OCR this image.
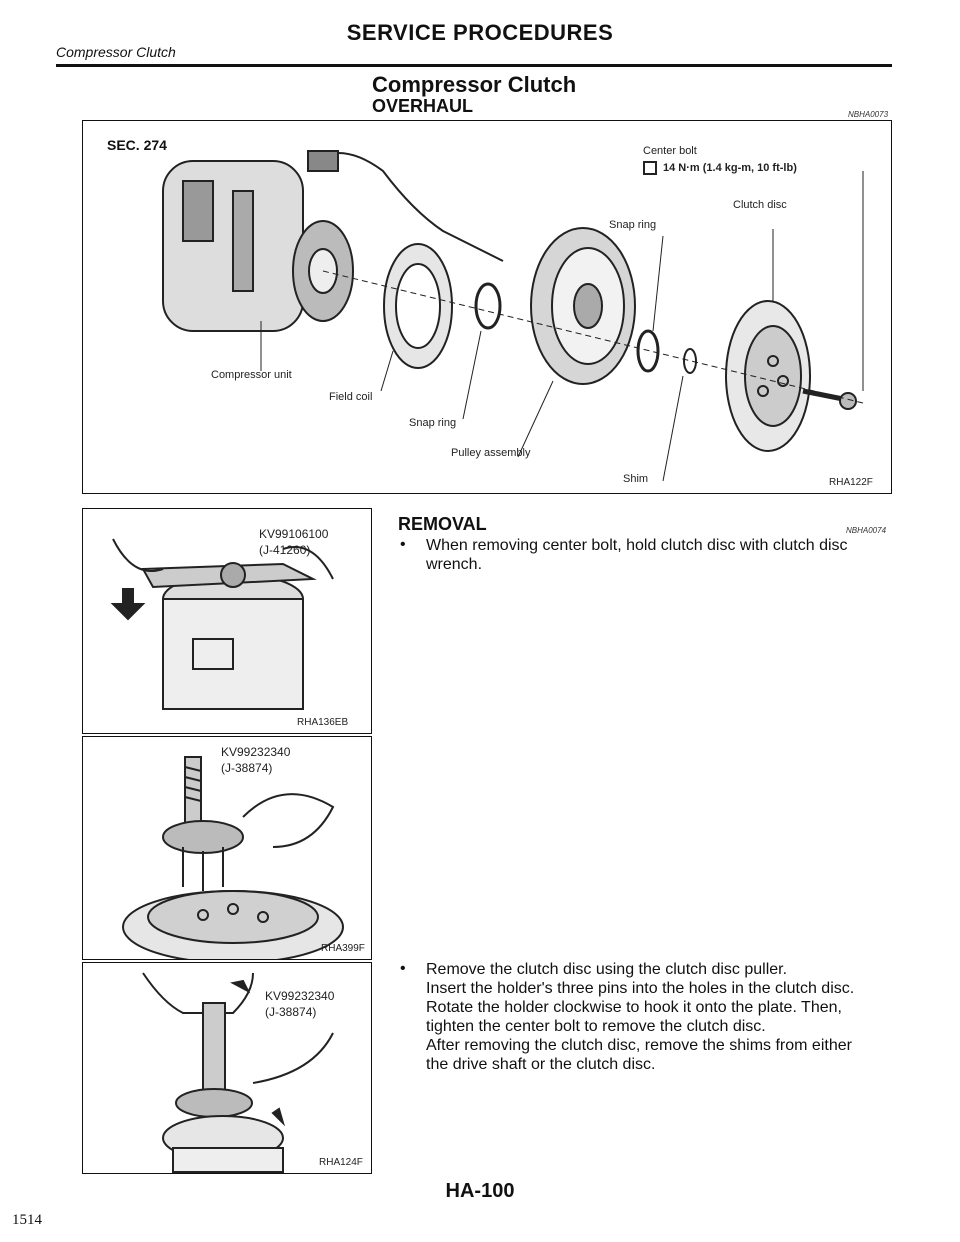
SERVICE PROCEDURES
Compressor Clutch
Compressor Clutch
OVERHAUL	NBHA0073
SEC. 274	Center bolt
14 N·m (1.4 kg-m, 10 ft-lb)
Clutch disc
Snap ring
Compressor unit
Field coil
Snap ring
Pulley assembly
Shim	RHA122F
KV99106100
(J-41260)
RHA136EB
KV99232340
(J-38874)
RHA399F
KV99232340
(J-38874)
RHA124F
REMOVAL	NBHA0074
• When removing center bolt, hold clutch disc with clutch disc
wrench.
• Remove the clutch disc using the clutch disc puller.
Insert the holder's three pins into the holes in the clutch disc.
Rotate the holder clockwise to hook it onto the plate. Then,
tighten the center bolt to remove the clutch disc.
After removing the clutch disc, remove the shims from either
the drive shaft or the clutch disc.
HA-100
1514
